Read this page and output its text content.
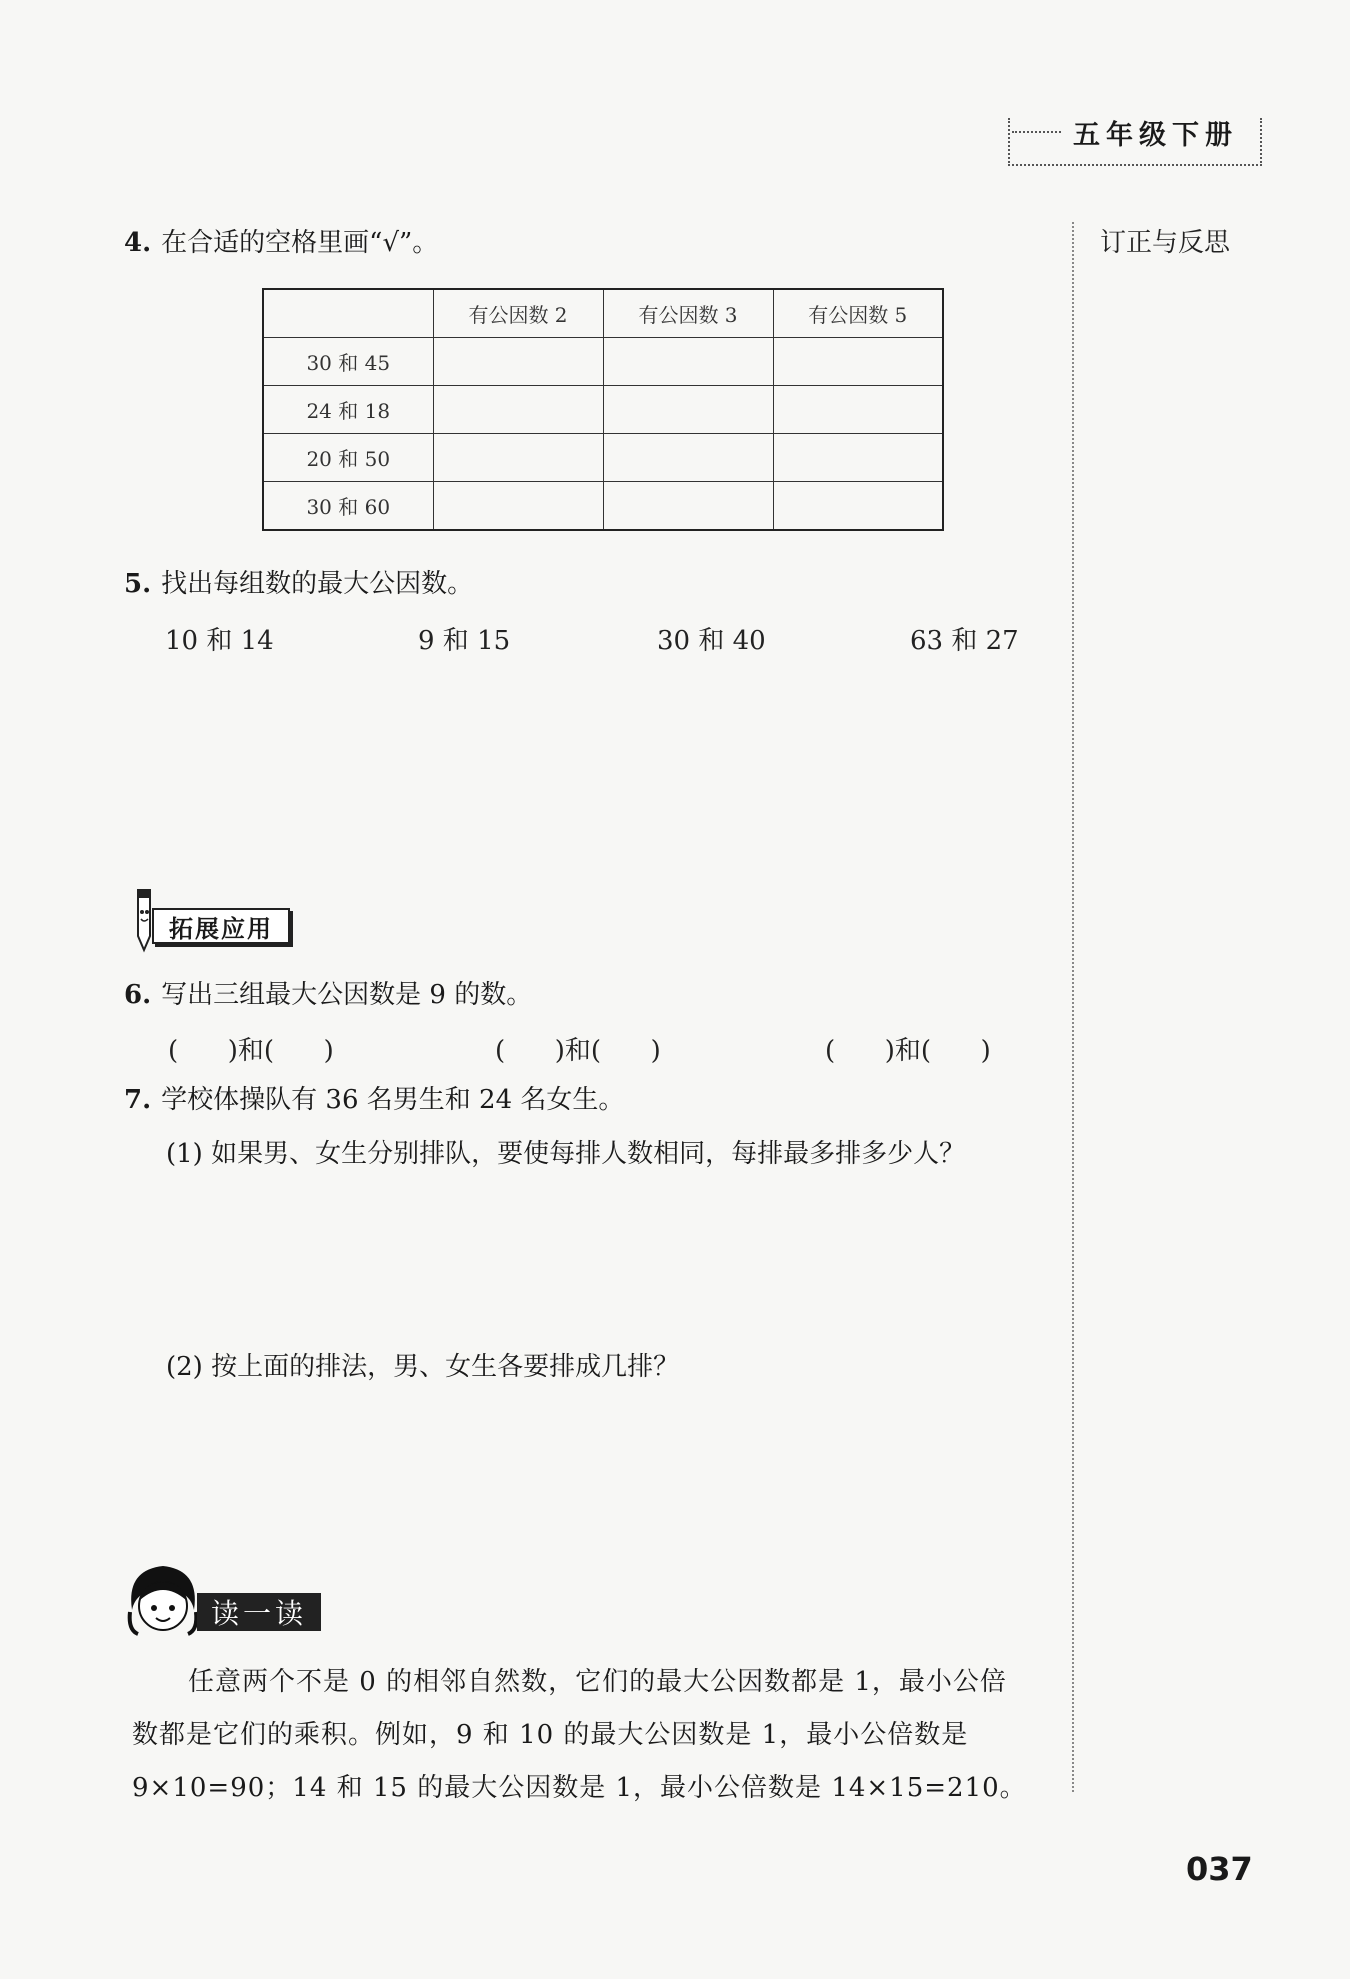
五年级下册
订正与反思
4. 在合适的空格里画“√”。
	有公因数 2	有公因数 3	有公因数 5
30 和 45			
24 和 18			
20 和 50			
30 和 60			
5. 找出每组数的最大公因数。
10 和 14	9 和 15	30 和 40	63 和 27
拓展应用
6. 写出三组最大公因数是 9 的数。
(      )和(      )	(      )和(      )	(      )和(      )
7. 学校体操队有 36 名男生和 24 名女生。
(1) 如果男、女生分别排队，要使每排人数相同，每排最多排多少人？
(2) 按上面的排法，男、女生各要排成几排？
读一读
任意两个不是 0 的相邻自然数，它们的最大公因数都是 1，最小公倍
数都是它们的乘积。例如，9 和 10 的最大公因数是 1，最小公倍数是
9×10=90；14 和 15 的最大公因数是 1，最小公倍数是 14×15=210。
037
